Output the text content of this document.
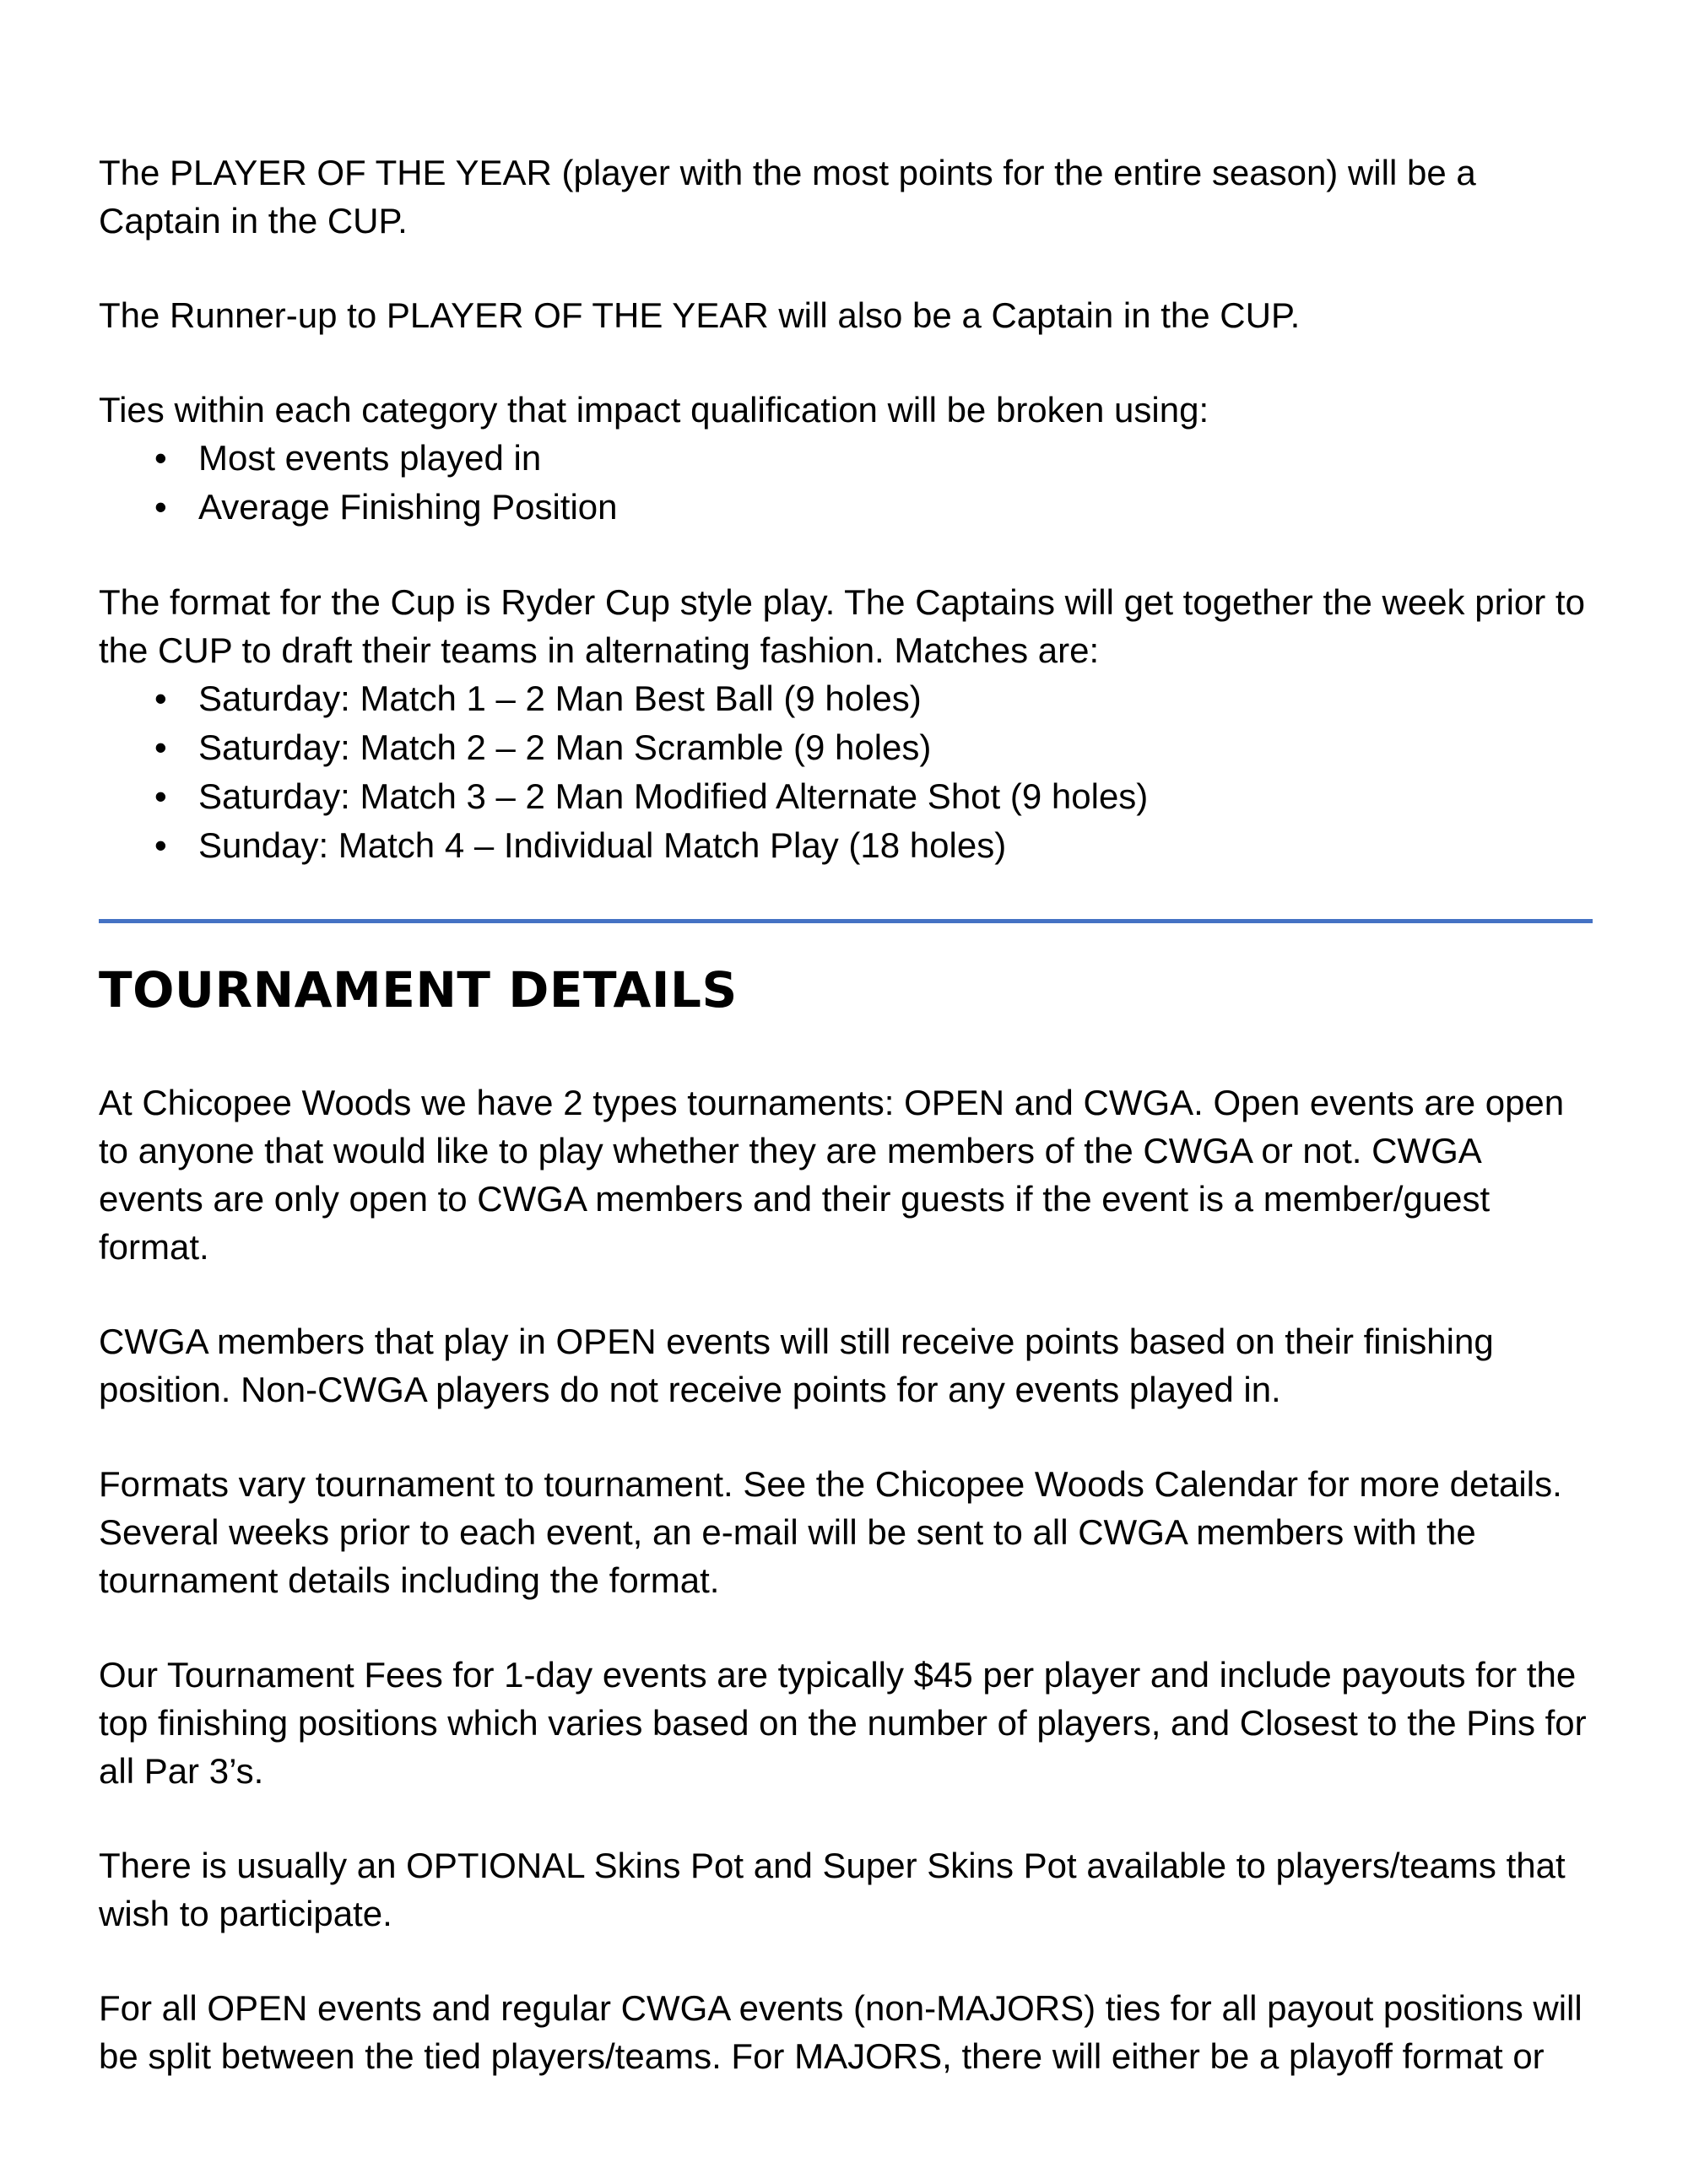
The PLAYER OF THE YEAR (player with the most points for the entire season) will be a Captain in the CUP.

The Runner-up to PLAYER OF THE YEAR will also be a Captain in the CUP.

Ties within each category that impact qualification will be broken using:

• Most events played in
• Average Finishing Position

The format for the Cup is Ryder Cup style play. The Captains will get together the week prior to the CUP to draft their teams in alternating fashion. Matches are:

• Saturday: Match 1 – 2 Man Best Ball (9 holes)
• Saturday: Match 2 – 2 Man Scramble (9 holes)
• Saturday: Match 3 – 2 Man Modified Alternate Shot (9 holes)
• Sunday: Match 4 – Individual Match Play (18 holes)
TOURNAMENT DETAILS

At Chicopee Woods we have 2 types tournaments: OPEN and CWGA. Open events are open to anyone that would like to play whether they are members of the CWGA or not. CWGA events are only open to CWGA members and their guests if the event is a member/guest format.

CWGA members that play in OPEN events will still receive points based on their finishing position. Non-CWGA players do not receive points for any events played in.

Formats vary tournament to tournament. See the Chicopee Woods Calendar for more details. Several weeks prior to each event, an e-mail will be sent to all CWGA members with the tournament details including the format.

Our Tournament Fees for 1-day events are typically $45 per player and include payouts for the top finishing positions which varies based on the number of players, and Closest to the Pins for all Par 3’s.

There is usually an OPTIONAL Skins Pot and Super Skins Pot available to players/teams that wish to participate.

For all OPEN events and regular CWGA events (non-MAJORS) ties for all payout positions will be split between the tied players/teams. For MAJORS, there will either be a playoff format or
